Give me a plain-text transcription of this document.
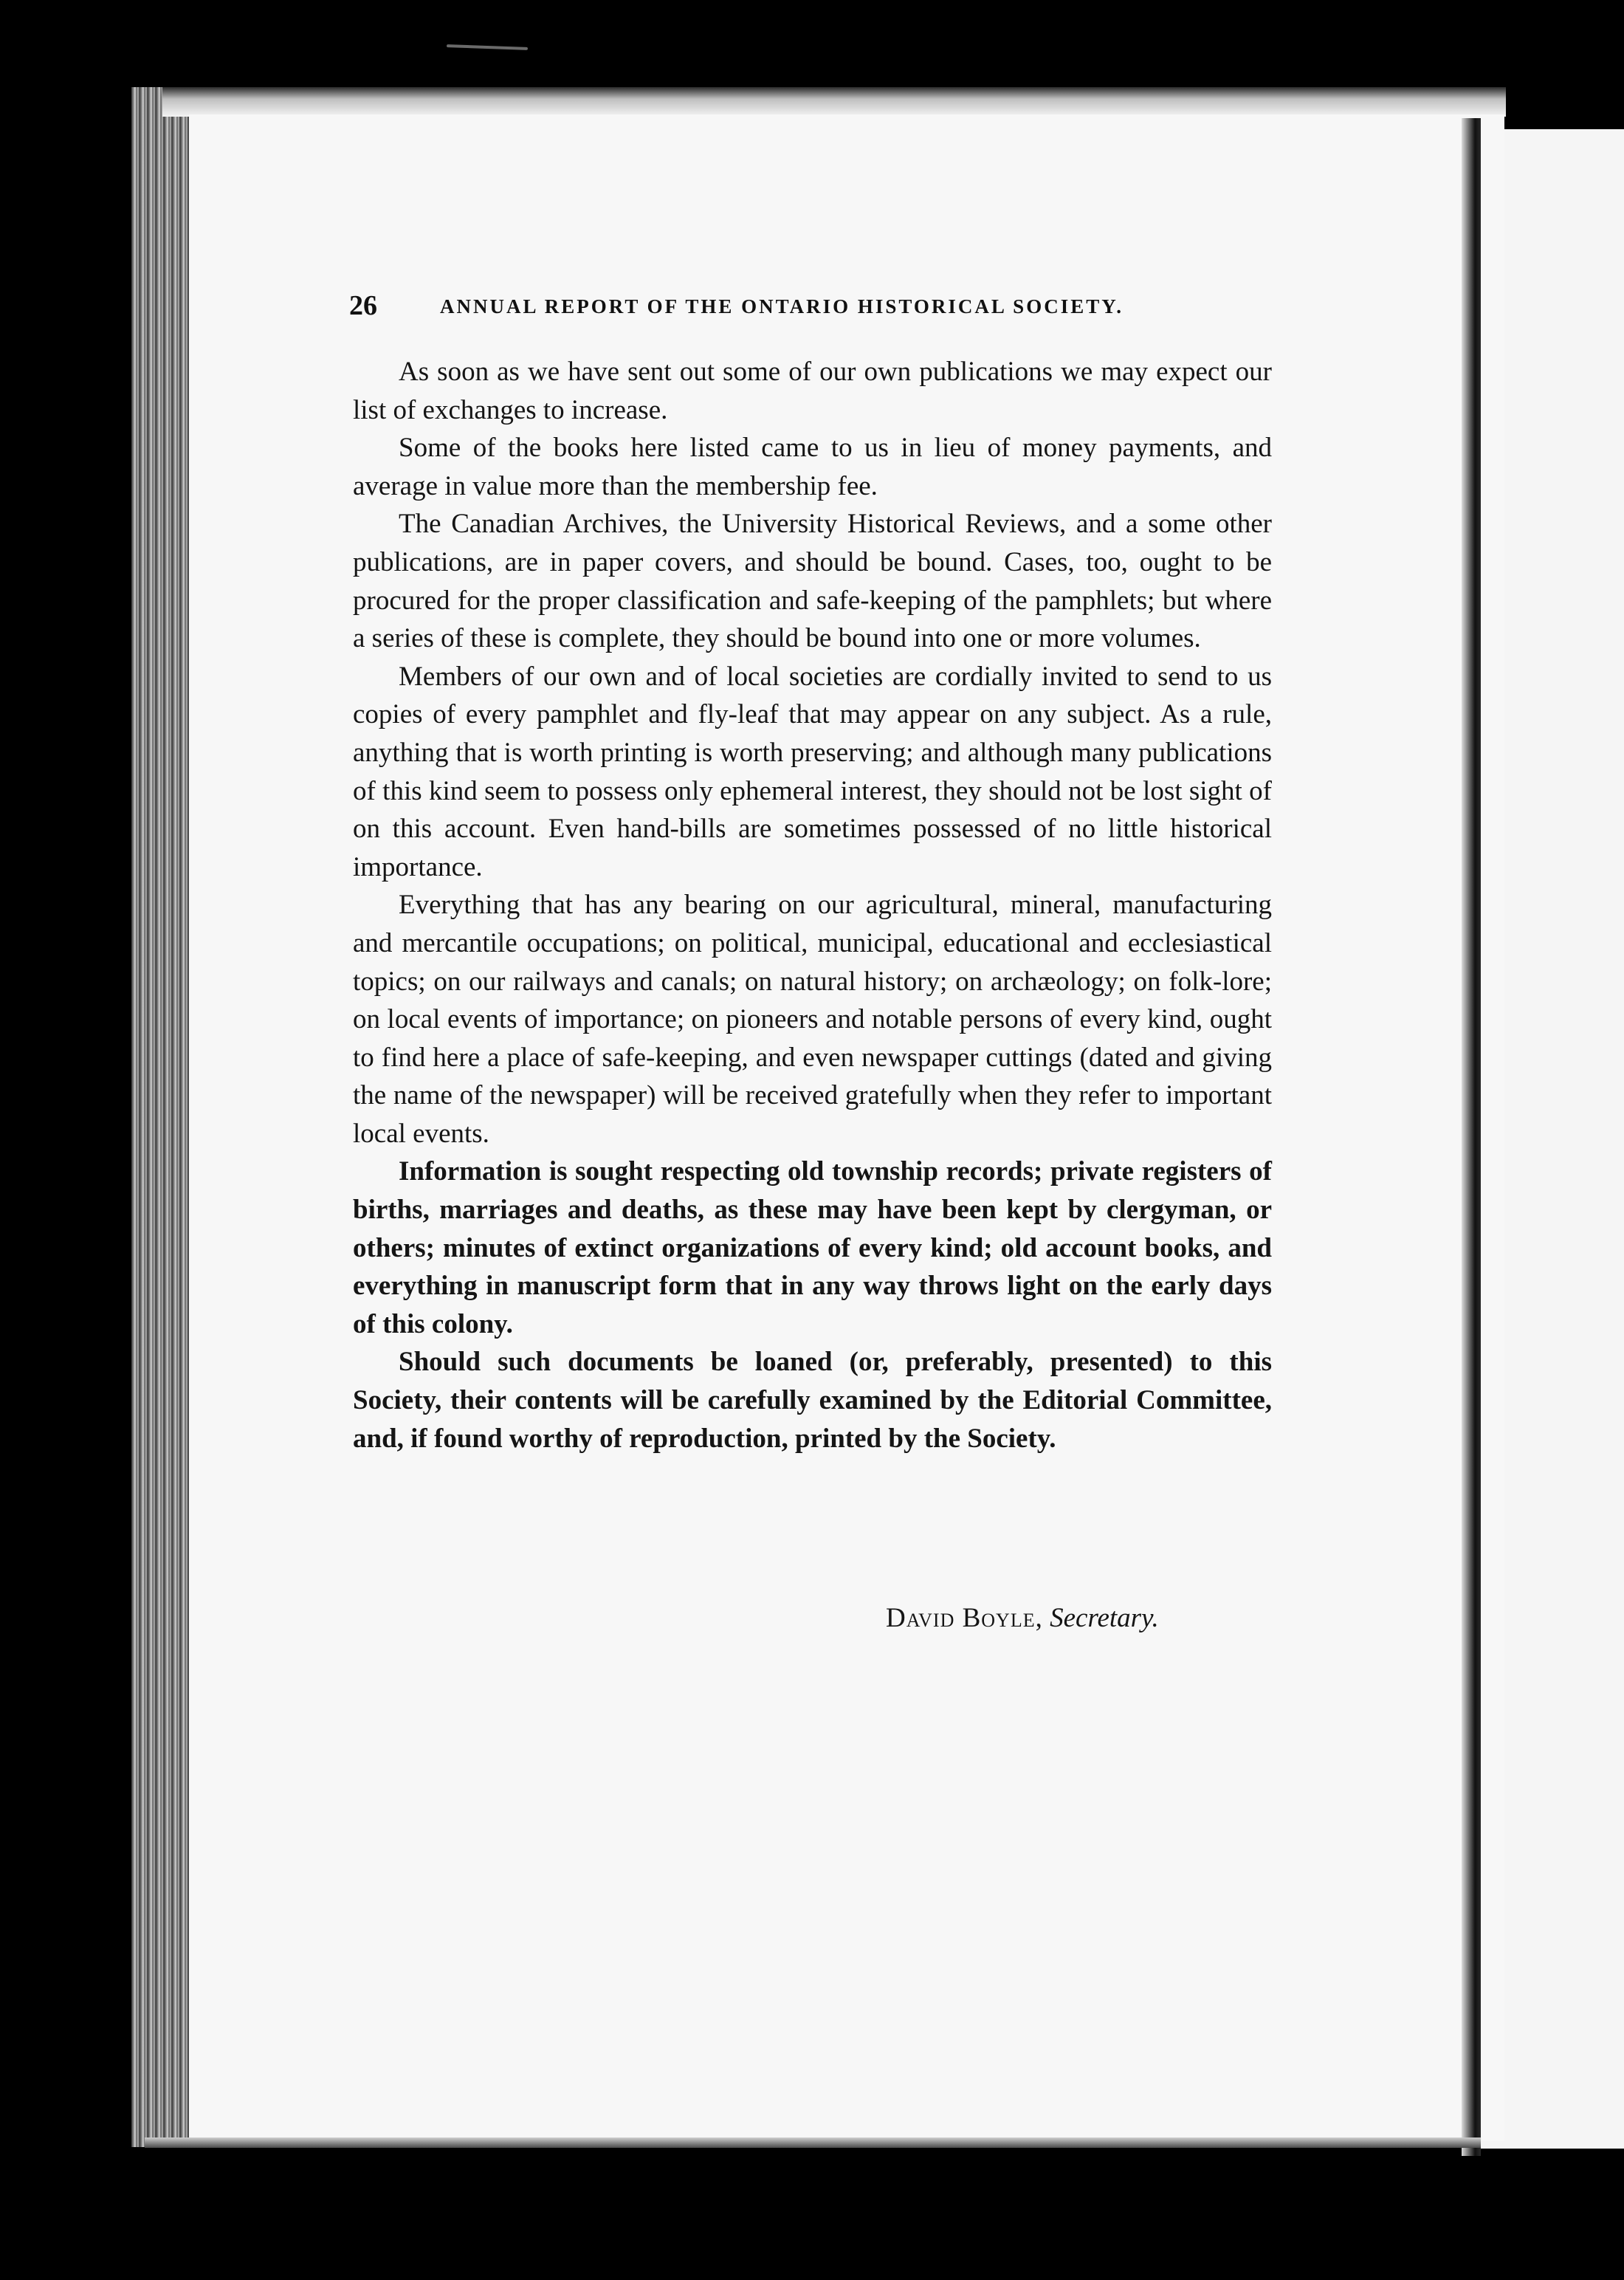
26	ANNUAL REPORT OF THE ONTARIO HISTORICAL SOCIETY.

As soon as we have sent out some of our own publications we may expect our list of exchanges to increase.

Some of the books here listed came to us in lieu of money payments, and average in value more than the membership fee.

The Canadian Archives, the University Historical Reviews, and a some other publications, are in paper covers, and should be bound. Cases, too, ought to be procured for the proper classification and safe-keeping of the pamphlets; but where a series of these is complete, they should be bound into one or more volumes.

Members of our own and of local societies are cordially invited to send to us copies of every pamphlet and fly-leaf that may appear on any subject. As a rule, anything that is worth printing is worth preserving; and although many publications of this kind seem to possess only ephemeral interest, they should not be lost sight of on this account. Even hand-bills are sometimes possessed of no little historical importance.

Everything that has any bearing on our agricultural, mineral, manufacturing and mercantile occupations; on political, municipal, educational and ecclesiastical topics; on our railways and canals; on natural history; on archæology; on folk-lore; on local events of importance; on pioneers and notable persons of every kind, ought to find here a place of safe-keeping, and even newspaper cuttings (dated and giving the name of the newspaper) will be received gratefully when they refer to important local events.

Information is sought respecting old township records; private registers of births, marriages and deaths, as these may have been kept by clergyman, or others; minutes of extinct organizations of every kind; old account books, and everything in manuscript form that in any way throws light on the early days of this colony.

Should such documents be loaned (or, preferably, presented) to this Society, their contents will be carefully examined by the Editorial Committee, and, if found worthy of reproduction, printed by the Society.

David Boyle, Secretary.
